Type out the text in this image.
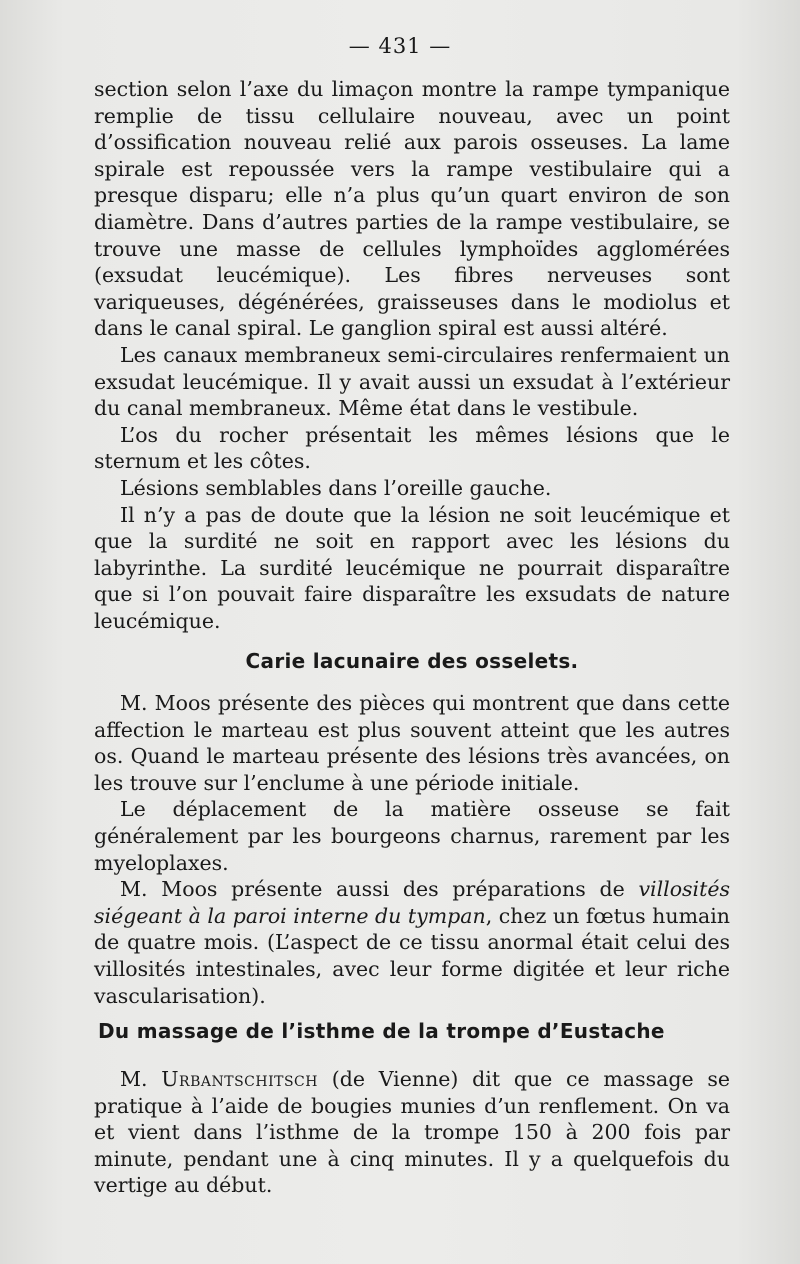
— 431 —

section selon l’axe du limaçon montre la rampe tympanique remplie de tissu cellulaire nouveau, avec un point d’ossification nouveau relié aux parois osseuses. La lame spirale est repoussée vers la rampe vestibulaire qui a presque disparu; elle n’a plus qu’un quart environ de son diamètre. Dans d’autres parties de la rampe vestibulaire, se trouve une masse de cellules lymphoïdes agglomérées (exsudat leucémique). Les fibres nerveuses sont variqueuses, dégénérées, graisseuses dans le modiolus et dans le canal spiral. Le ganglion spiral est aussi altéré.

Les canaux membraneux semi-circulaires renfermaient un exsudat leucémique. Il y avait aussi un exsudat à l’extérieur du canal membraneux. Même état dans le vestibule.

L’os du rocher présentait les mêmes lésions que le sternum et les côtes.

Lésions semblables dans l’oreille gauche.

Il n’y a pas de doute que la lésion ne soit leucémique et que la surdité ne soit en rapport avec les lésions du labyrinthe. La surdité leucémique ne pourrait disparaître que si l’on pouvait faire disparaître les exsudats de nature leucémique.

Carie lacunaire des osselets.

M. Moos présente des pièces qui montrent que dans cette affection le marteau est plus souvent atteint que les autres os. Quand le marteau présente des lésions très avancées, on les trouve sur l’enclume à une période initiale.

Le déplacement de la matière osseuse se fait généralement par les bourgeons charnus, rarement par les myeloplaxes.

M. Moos présente aussi des préparations de villosités siégeant à la paroi interne du tympan, chez un fœtus humain de quatre mois. (L’aspect de ce tissu anormal était celui des villosités intestinales, avec leur forme digitée et leur riche vascularisation).

Du massage de l’isthme de la trompe d’Eustache

M. Urbantschitsch (de Vienne) dit que ce massage se pratique à l’aide de bougies munies d’un renflement. On va et vient dans l’isthme de la trompe 150 à 200 fois par minute, pendant une à cinq minutes. Il y a quelquefois du vertige au début.
